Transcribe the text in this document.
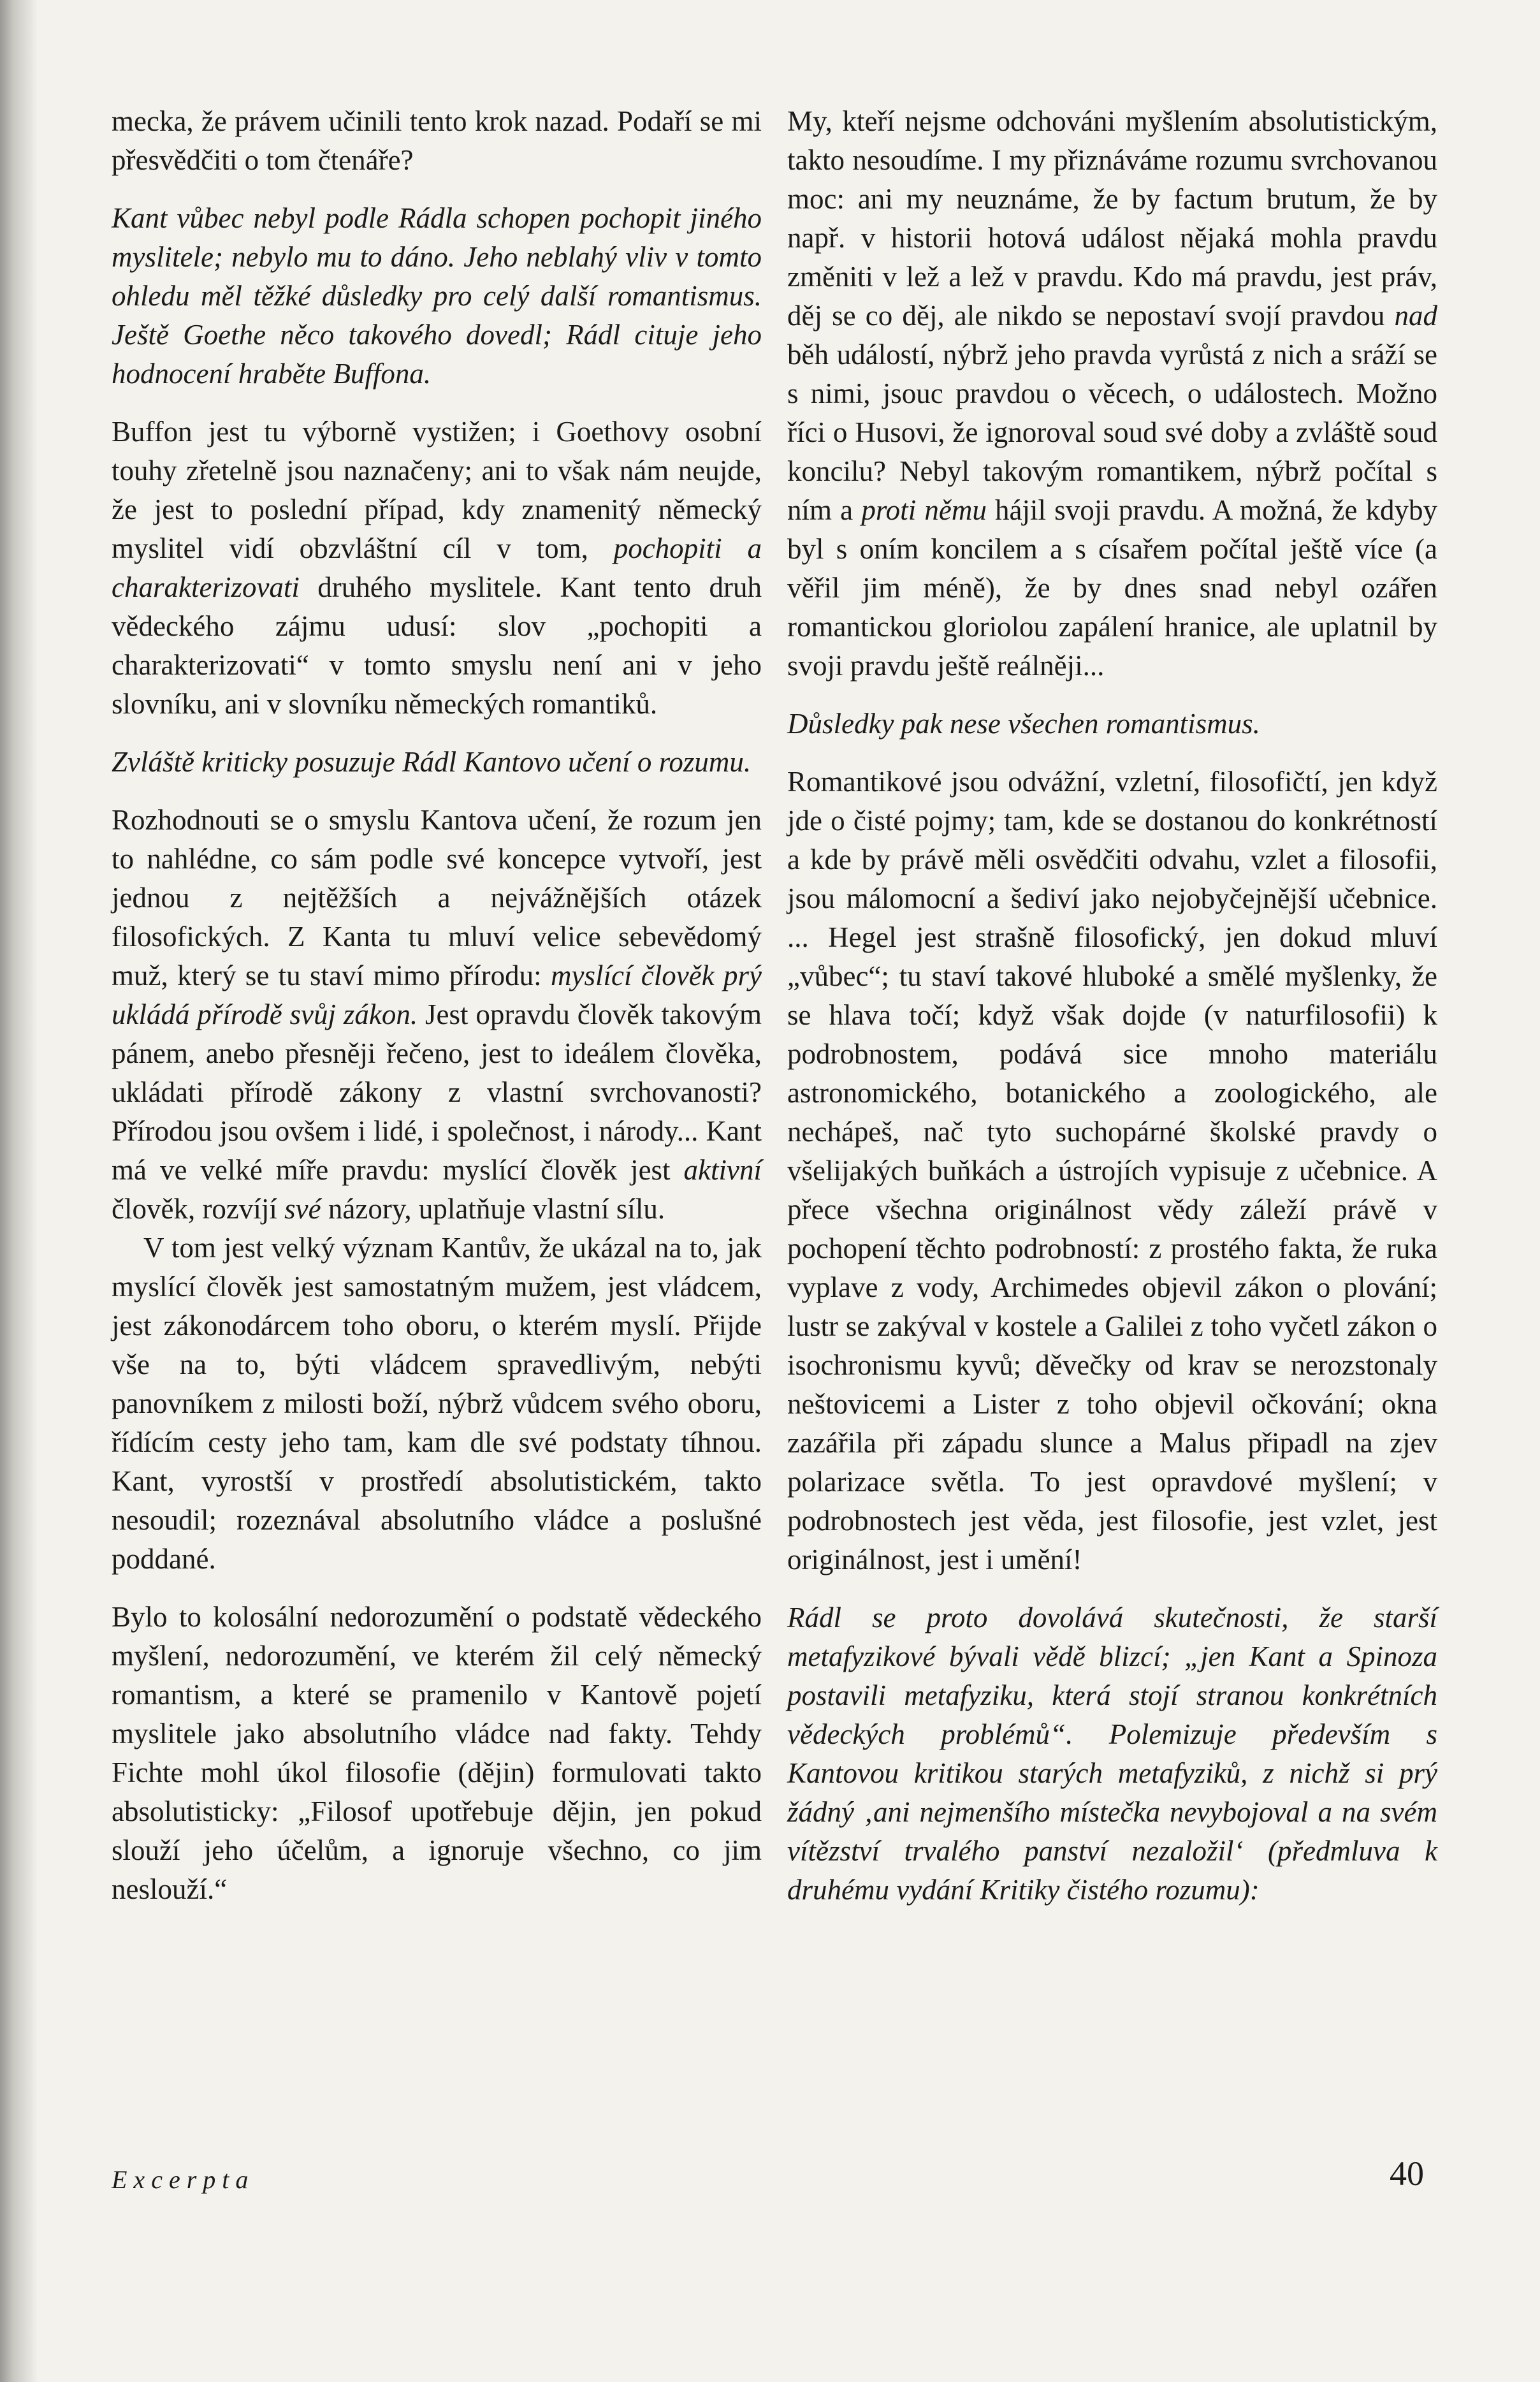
mecka, že právem učinili tento krok nazad. Podaří se mi přesvědčiti o tom čtenáře?

Kant vůbec nebyl podle Rádla schopen pochopit jiného myslitele; nebylo mu to dáno. Jeho neblahý vliv v tomto ohledu měl těžké důsledky pro celý další romantismus. Ještě Goethe něco takového dovedl; Rádl cituje jeho hodnocení hraběte Buffona.

Buffon jest tu výborně vystižen; i Goethovy osobní touhy zřetelně jsou naznačeny; ani to však nám neujde, že jest to poslední případ, kdy znamenitý německý myslitel vidí obzvláštní cíl v tom, pochopiti a charakterizovati druhého myslitele. Kant tento druh vědeckého zájmu udusí: slov „pochopiti a charakterizovati“ v tomto smyslu není ani v jeho slovníku, ani v slovníku německých romantiků.

Zvláště kriticky posuzuje Rádl Kantovo učení o rozumu.

Rozhodnouti se o smyslu Kantova učení, že rozum jen to nahlédne, co sám podle své koncepce vytvoří, jest jednou z nejtěžších a nejvážnějších otázek filosofických. Z Kanta tu mluví velice sebevědomý muž, který se tu staví mimo přírodu: myslící člověk prý ukládá přírodě svůj zákon. Jest opravdu člověk takovým pánem, anebo přesněji řečeno, jest to ideálem člověka, ukládati přírodě zákony z vlastní svrchovanosti? Přírodou jsou ovšem i lidé, i společnost, i národy... Kant má ve velké míře pravdu: myslící člověk jest aktivní člověk, rozvíjí své názory, uplatňuje vlastní sílu.

V tom jest velký význam Kantův, že ukázal na to, jak myslící člověk jest samostatným mužem, jest vládcem, jest zákonodárcem toho oboru, o kterém myslí. Přijde vše na to, býti vládcem spravedlivým, nebýti panovníkem z milosti boží, nýbrž vůdcem svého oboru, řídícím cesty jeho tam, kam dle své podstaty tíhnou. Kant, vyrostší v prostředí absolutistickém, takto nesoudil; rozeznával absolutního vládce a poslušné poddané.

Bylo to kolosální nedorozumění o podstatě vědeckého myšlení, nedorozumění, ve kterém žil celý německý romantism, a které se pramenilo v Kantově pojetí myslitele jako absolutního vládce nad fakty. Tehdy Fichte mohl úkol filosofie (dějin) formulovati takto absolutisticky: „Filosof upotřebuje dějin, jen pokud slouží jeho účelům, a ignoruje všechno, co jim neslouží.“

My, kteří nejsme odchováni myšlením absolutistickým, takto nesoudíme. I my přiznáváme rozumu svrchovanou moc: ani my neuznáme, že by factum brutum, že by např. v historii hotová událost nějaká mohla pravdu změniti v lež a lež v pravdu. Kdo má pravdu, jest práv, děj se co děj, ale nikdo se nepostaví svojí pravdou nad běh událostí, nýbrž jeho pravda vyrůstá z nich a sráží se s nimi, jsouc pravdou o věcech, o událostech. Možno říci o Husovi, že ignoroval soud své doby a zvláště soud koncilu? Nebyl takovým romantikem, nýbrž počítal s ním a proti němu hájil svoji pravdu. A možná, že kdyby byl s oním koncilem a s císařem počítal ještě více (a věřil jim méně), že by dnes snad nebyl ozářen romantickou gloriolou zapálení hranice, ale uplatnil by svoji pravdu ještě reálněji...

Důsledky pak nese všechen romantismus.

Romantikové jsou odvážní, vzletní, filosofičtí, jen když jde o čisté pojmy; tam, kde se dostanou do konkrétností a kde by právě měli osvědčiti odvahu, vzlet a filosofii, jsou málomocní a šediví jako nejobyčejnější učebnice. ... Hegel jest strašně filosofický, jen dokud mluví „vůbec“; tu staví takové hluboké a smělé myšlenky, že se hlava točí; když však dojde (v naturfilosofii) k podrobnostem, podává sice mnoho materiálu astronomického, botanického a zoologického, ale nechápeš, nač tyto suchopárné školské pravdy o všelijakých buňkách a ústrojích vypisuje z učebnice. A přece všechna originálnost vědy záleží právě v pochopení těchto podrobností: z prostého fakta, že ruka vyplave z vody, Archimedes objevil zákon o plování; lustr se zakýval v kostele a Galilei z toho vyčetl zákon o isochronismu kyvů; děvečky od krav se nerozstonaly neštovicemi a Lister z toho objevil očkování; okna zazářila při západu slunce a Malus připadl na zjev polarizace světla. To jest opravdové myšlení; v podrobnostech jest věda, jest filosofie, jest vzlet, jest originálnost, jest i umění!

Rádl se proto dovolává skutečnosti, že starší metafyzikové bývali vědě blizcí; „jen Kant a Spinoza postavili metafyziku, která stojí stranou konkrétních vědeckých problémů“. Polemizuje především s Kantovou kritikou starých metafyziků, z nichž si prý žádný ‚ani nejmenšího místečka nevybojoval a na svém vítězství trvalého panství nezaložil‘ (předmluva k druhému vydání Kritiky čistého rozumu):

Excerpta	40
